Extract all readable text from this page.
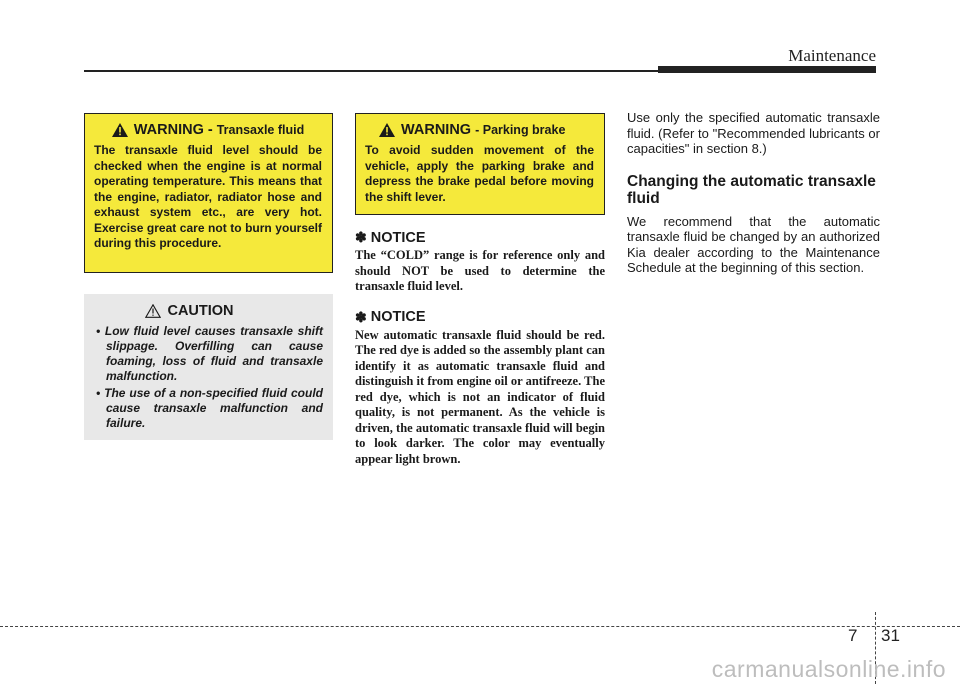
Maintenance
WARNING - Transaxle fluid
The transaxle fluid level should be checked when the engine is at normal operating temperature. This means that the engine, radiator, radiator hose and exhaust system etc., are very hot. Exercise great care not to burn yourself during this procedure.
WARNING - Parking brake
To avoid sudden movement of the vehicle, apply the parking brake and depress the brake pedal before moving the shift lever.
CAUTION
• Low fluid level causes transaxle shift slippage. Overfilling can cause foaming, loss of fluid and transaxle malfunction.
• The use of a non-specified fluid could cause transaxle malfunction and failure.
✽ NOTICE

The “COLD” range is for reference only and should NOT be used to determine the transaxle fluid level.

✽ NOTICE

New automatic transaxle fluid should be red. The red dye is added so the assembly plant can identify it as automatic transaxle fluid and distinguish it from engine oil or antifreeze. The red dye, which is not an indicator of fluid quality, is not permanent. As the vehicle is driven, the automatic transaxle fluid will begin to look darker. The color may eventually appear light brown.

Use only the specified automatic transaxle fluid. (Refer to "Recommended lubricants or capacities" in section 8.)

Changing the automatic transaxle fluid

We recommend that the automatic transaxle fluid be changed by an authorized Kia dealer according to the Maintenance Schedule at the beginning of this section.

7 31
carmanualsonline.info
